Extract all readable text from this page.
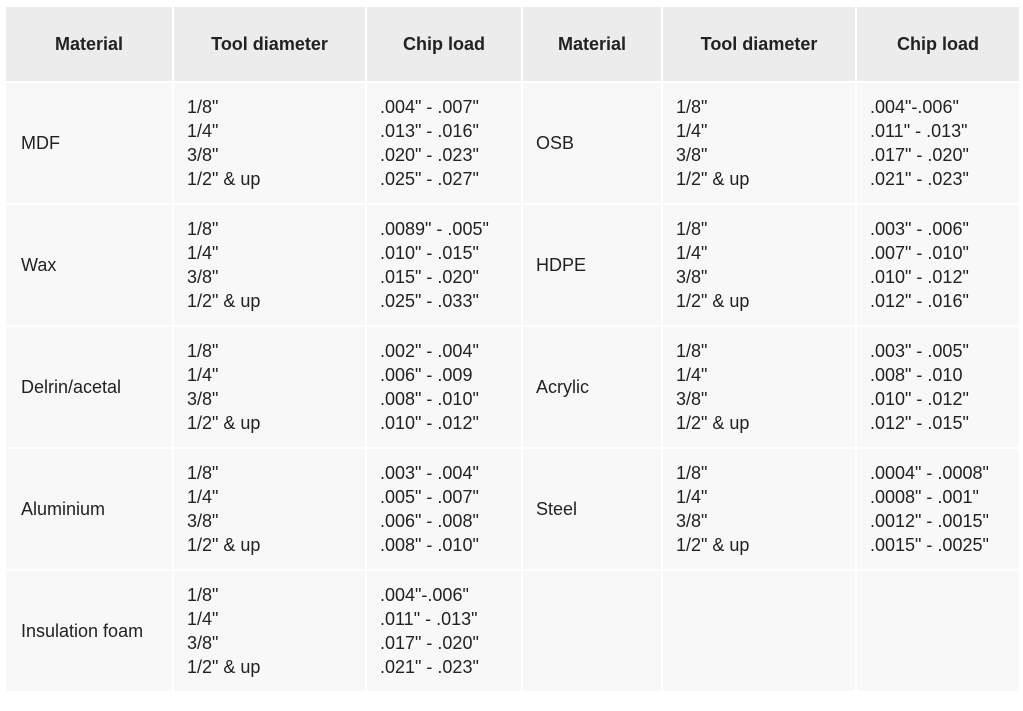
Material	Tool diameter	Chip load	Material	Tool diameter	Chip load
MDF	1/8"
1/4"
3/8"
1/2" & up	.004" - .007"
.013" - .016"
.020" - .023"
.025" - .027"	OSB	1/8"
1/4"
3/8"
1/2" & up	.004"-.006"
.011" - .013"
.017" - .020"
.021" - .023"

Wax	1/8"
1/4"
3/8"
1/2" & up	.0089" - .005"
.010" - .015"
.015" - .020"
.025" - .033"	HDPE	1/8"
1/4"
3/8"
1/2" & up	.003" - .006"
.007" - .010"
.010" - .012"
.012" - .016"

Delrin/acetal	1/8"
1/4"
3/8"
1/2" & up	.002" - .004"
.006" - .009
.008" - .010"
.010" - .012"	Acrylic	1/8"
1/4"
3/8"
1/2" & up	.003" - .005"
.008" - .010
.010" - .012"
.012" - .015"

Aluminium	1/8"
1/4"
3/8"
1/2" & up	.003" - .004"
.005" - .007"
.006" - .008"
.008" - .010"	Steel	1/8"
1/4"
3/8"
1/2" & up	.0004" - .0008"
.0008" - .001"
.0012" - .0015"
.0015" - .0025"

Insulation foam	1/8"
1/4"
3/8"
1/2" & up	.004"-.006"
.011" - .013"
.017" - .020"
.021" - .023"			
